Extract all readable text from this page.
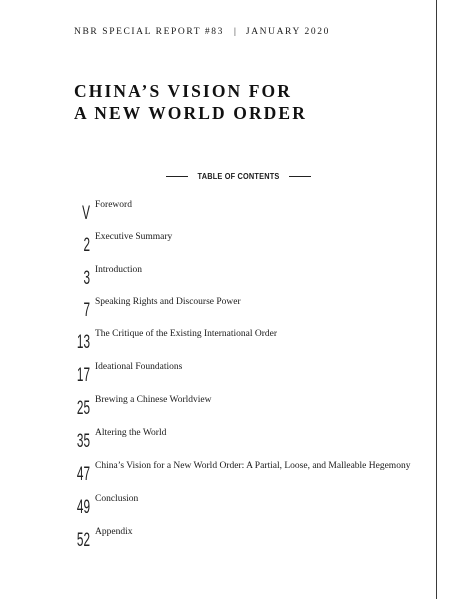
NBR SPECIAL REPORT #83 | JANUARY 2020
CHINA’S VISION FOR
A NEW WORLD ORDER
TABLE OF CONTENTS
V Foreword
2 Executive Summary
3 Introduction
7 Speaking Rights and Discourse Power
13 The Critique of the Existing International Order
17 Ideational Foundations
25 Brewing a Chinese Worldview
35 Altering the World
47 China’s Vision for a New World Order: A Partial, Loose, and Malleable Hegemony
49 Conclusion
52 Appendix
